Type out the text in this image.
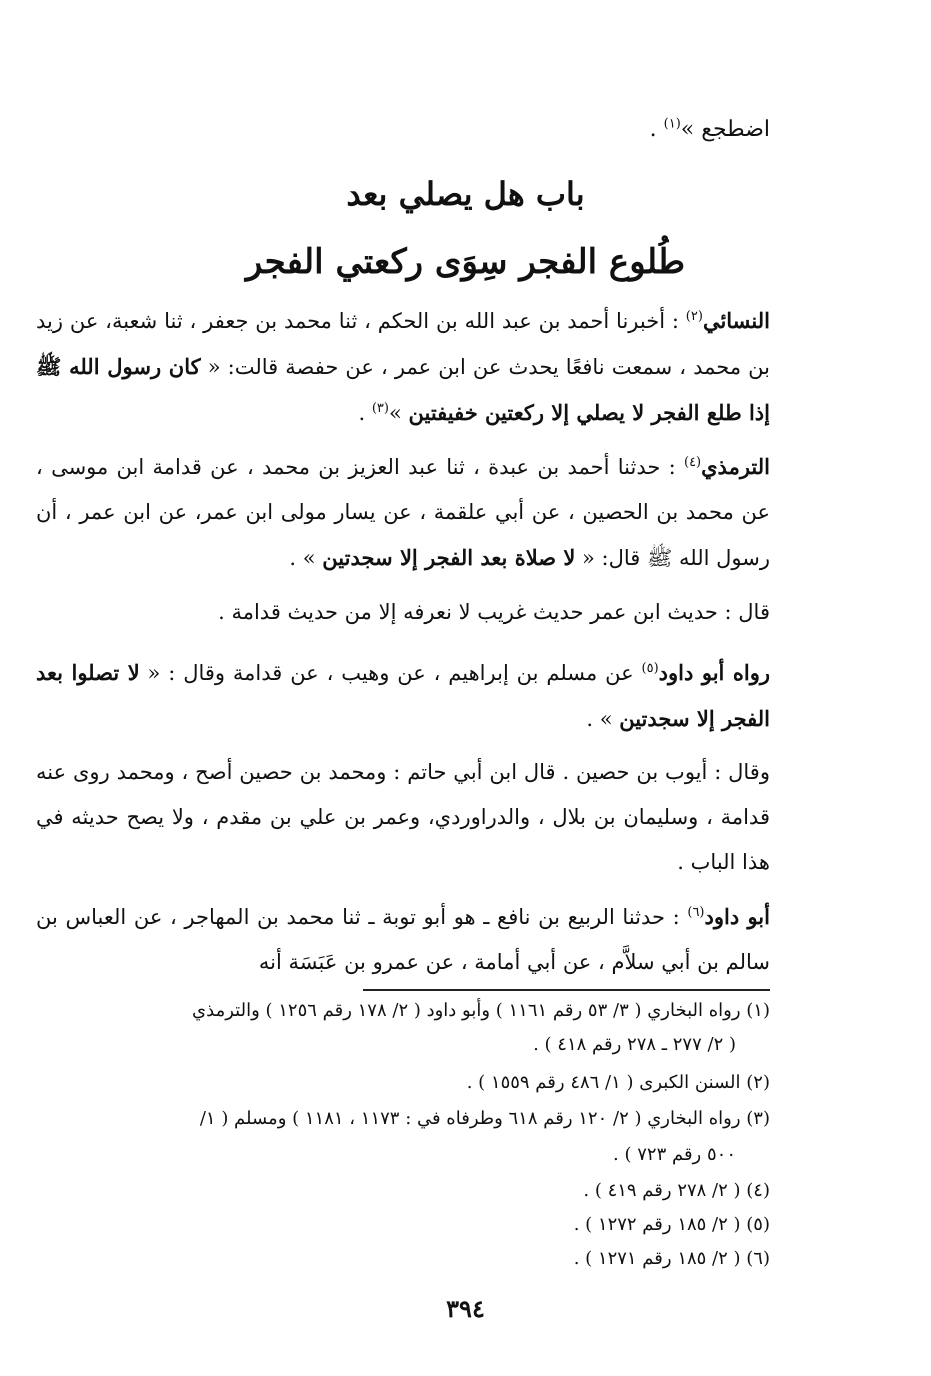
اضطجع »$^{(١)}$ .
باب هل يصلي بعد
طُلوع الفجر سِوَى ركعتي الفجر

النسائي$^{(٢)}$ : أخبرنا أحمد بن عبد الله بن الحكم ، ثنا محمد بن جعفر ، ثنا شعبة، عن زيد بن محمد ، سمعت نافعًا يحدث عن ابن عمر ، عن حفصة قالت: « كان رسول الله ﷺ إذا طلع الفجر لا يصلي إلا ركعتين خفيفتين »$^{(٣)}$ .

الترمذي$^{(٤)}$ : حدثنا أحمد بن عبدة ، ثنا عبد العزيز بن محمد ، عن قدامة ابن موسى ، عن محمد بن الحصين ، عن أبي علقمة ، عن يسار مولى ابن عمر، عن ابن عمر ، أن رسول الله ﷺ قال: « لا صلاة بعد الفجر إلا سجدتين » .

قال : حديث ابن عمر حديث غريب لا نعرفه إلا من حديث قدامة .

رواه أبو داود$^{(٥)}$ عن مسلم بن إبراهيم ، عن وهيب ، عن قدامة وقال : « لا تصلوا بعد الفجر إلا سجدتين » .

وقال : أيوب بن حصين . قال ابن أبي حاتم : ومحمد بن حصين أصح ، ومحمد روى عنه قدامة ، وسليمان بن بلال ، والدراوردي، وعمر بن علي بن مقدم ، ولا يصح حديثه في هذا الباب .

أبو داود$^{(٦)}$ : حدثنا الربيع بن نافع ـ هو أبو توبة ـ ثنا محمد بن المهاجر ، عن العباس بن سالم بن أبي سلاَّم ، عن أبي أمامة ، عن عمرو بن عَبَسَة أنه

(١) رواه البخاري ( ٣/ ٥٣ رقم ١١٦١ ) وأبو داود ( ٢/ ١٧٨ رقم ١٢٥٦ ) والترمذي
( ٢/ ٢٧٧ ـ ٢٧٨ رقم ٤١٨ ) .
(٢) السنن الكبرى ( ١/ ٤٨٦ رقم ١٥٥٩ ) .
(٣) رواه البخاري ( ٢/ ١٢٠ رقم ٦١٨ وطرفاه في : ١١٧٣ ، ١١٨١ ) ومسلم ( ١/
٥٠٠ رقم ٧٢٣ ) .
(٤) ( ٢/ ٢٧٨ رقم ٤١٩ ) .
(٥) ( ٢/ ١٨٥ رقم ١٢٧٢ ) .
(٦) ( ٢/ ١٨٥ رقم ١٢٧١ ) .
٣٩٤
